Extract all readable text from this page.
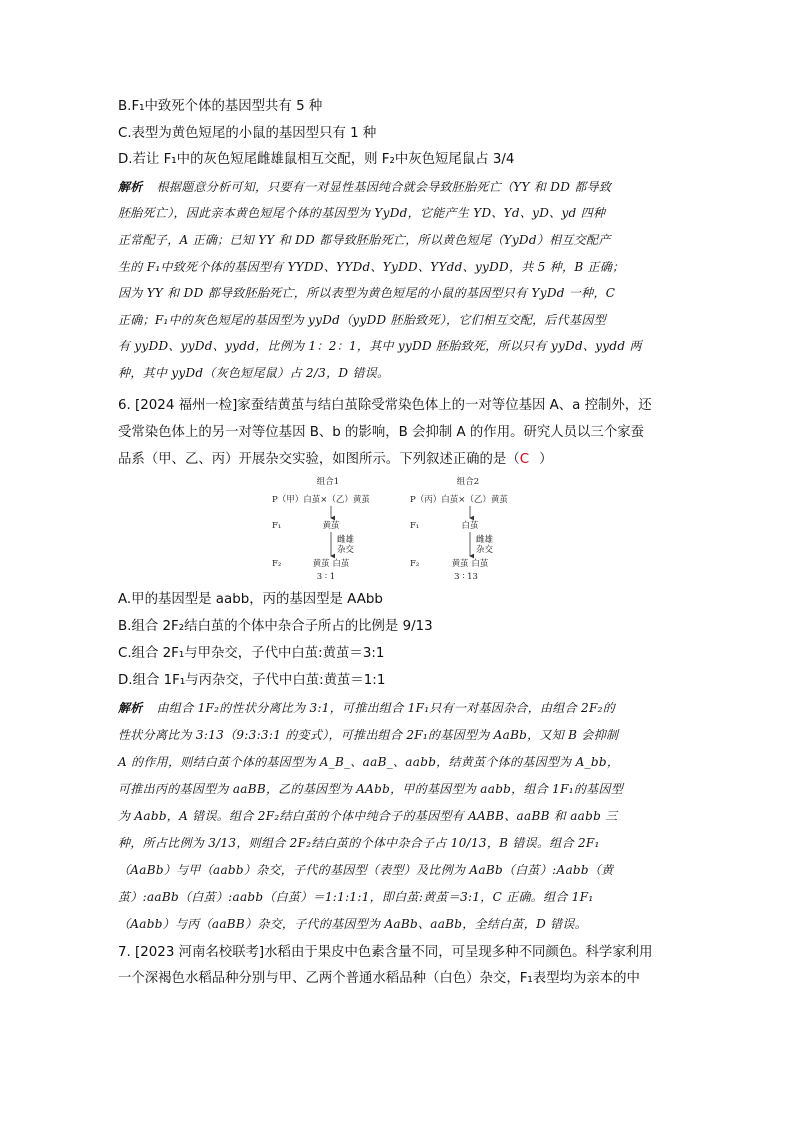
B.F₁中致死个体的基因型共有 5 种
C.表型为黄色短尾的小鼠的基因型只有 1 种
D.若让 F₁中的灰色短尾雌雄鼠相互交配，则 F₂中灰色短尾鼠占 3/4
解析 根据题意分析可知，只要有一对显性基因纯合就会导致胚胎死亡（YY 和 DD 都导致
胚胎死亡），因此亲本黄色短尾个体的基因型为 YyDd，它能产生 YD、Yd、yD、yd 四种
正常配子，A 正确；已知 YY 和 DD 都导致胚胎死亡，所以黄色短尾（YyDd）相互交配产
生的 F₁中致死个体的基因型有 YYDD、YYDd、YyDD、YYdd、yyDD，共 5 种，B 正确；
因为 YY 和 DD 都导致胚胎死亡，所以表型为黄色短尾的小鼠的基因型只有 YyDd 一种，C
正确；F₁中的灰色短尾的基因型为 yyDd（yyDD 胚胎致死），它们相互交配，后代基因型
有 yyDD、yyDd、yydd，比例为 1：2：1，其中 yyDD 胚胎致死，所以只有 yyDd、yydd 两
种，其中 yyDd（灰色短尾鼠）占 2/3，D 错误。
6. [2024 福州一检]家蚕结黄茧与结白茧除受常染色体上的一对等位基因 A、a 控制外，还
受常染色体上的另一对等位基因 B、b 的影响，B 会抑制 A 的作用。研究人员以三个家蚕
品系（甲、乙、丙）开展杂交实验，如图所示。下列叙述正确的是（C ）
组合1
P（甲）白茧×（乙）黄茧
F₁	黄茧
雌雄
杂交
F₂	黄茧 白茧
3 ∶ 1
组合2
P（丙）白茧×（乙）黄茧
F₁	白茧
雌雄
杂交
F₂	黄茧 白茧
3 ∶ 13
A.甲的基因型是 aabb，丙的基因型是 AAbb
B.组合 2F₂结白茧的个体中杂合子所占的比例是 9/13
C.组合 2F₁与甲杂交，子代中白茧:黄茧＝3:1
D.组合 1F₁与丙杂交，子代中白茧:黄茧＝1:1
解析 由组合 1F₂的性状分离比为 3:1，可推出组合 1F₁只有一对基因杂合，由组合 2F₂的
性状分离比为 3:13（9:3:3:1 的变式），可推出组合 2F₁的基因型为 AaBb，又知 B 会抑制
A 的作用，则结白茧个体的基因型为 A_B_、aaB_、aabb，结黄茧个体的基因型为 A_bb，
可推出丙的基因型为 aaBB，乙的基因型为 AAbb，甲的基因型为 aabb，组合 1F₁的基因型
为 Aabb，A 错误。组合 2F₂结白茧的个体中纯合子的基因型有 AABB、aaBB 和 aabb 三
种，所占比例为 3/13，则组合 2F₂结白茧的个体中杂合子占 10/13，B 错误。组合 2F₁
（AaBb）与甲（aabb）杂交，子代的基因型（表型）及比例为 AaBb（白茧）:Aabb（黄
茧）:aaBb（白茧）:aabb（白茧）＝1:1:1:1，即白茧:黄茧＝3:1，C 正确。组合 1F₁
（Aabb）与丙（aaBB）杂交，子代的基因型为 AaBb、aaBb，全结白茧，D 错误。
7. [2023 河南名校联考]水稻由于果皮中色素含量不同，可呈现多种不同颜色。科学家利用
一个深褐色水稻品种分别与甲、乙两个普通水稻品种（白色）杂交，F₁表型均为亲本的中
